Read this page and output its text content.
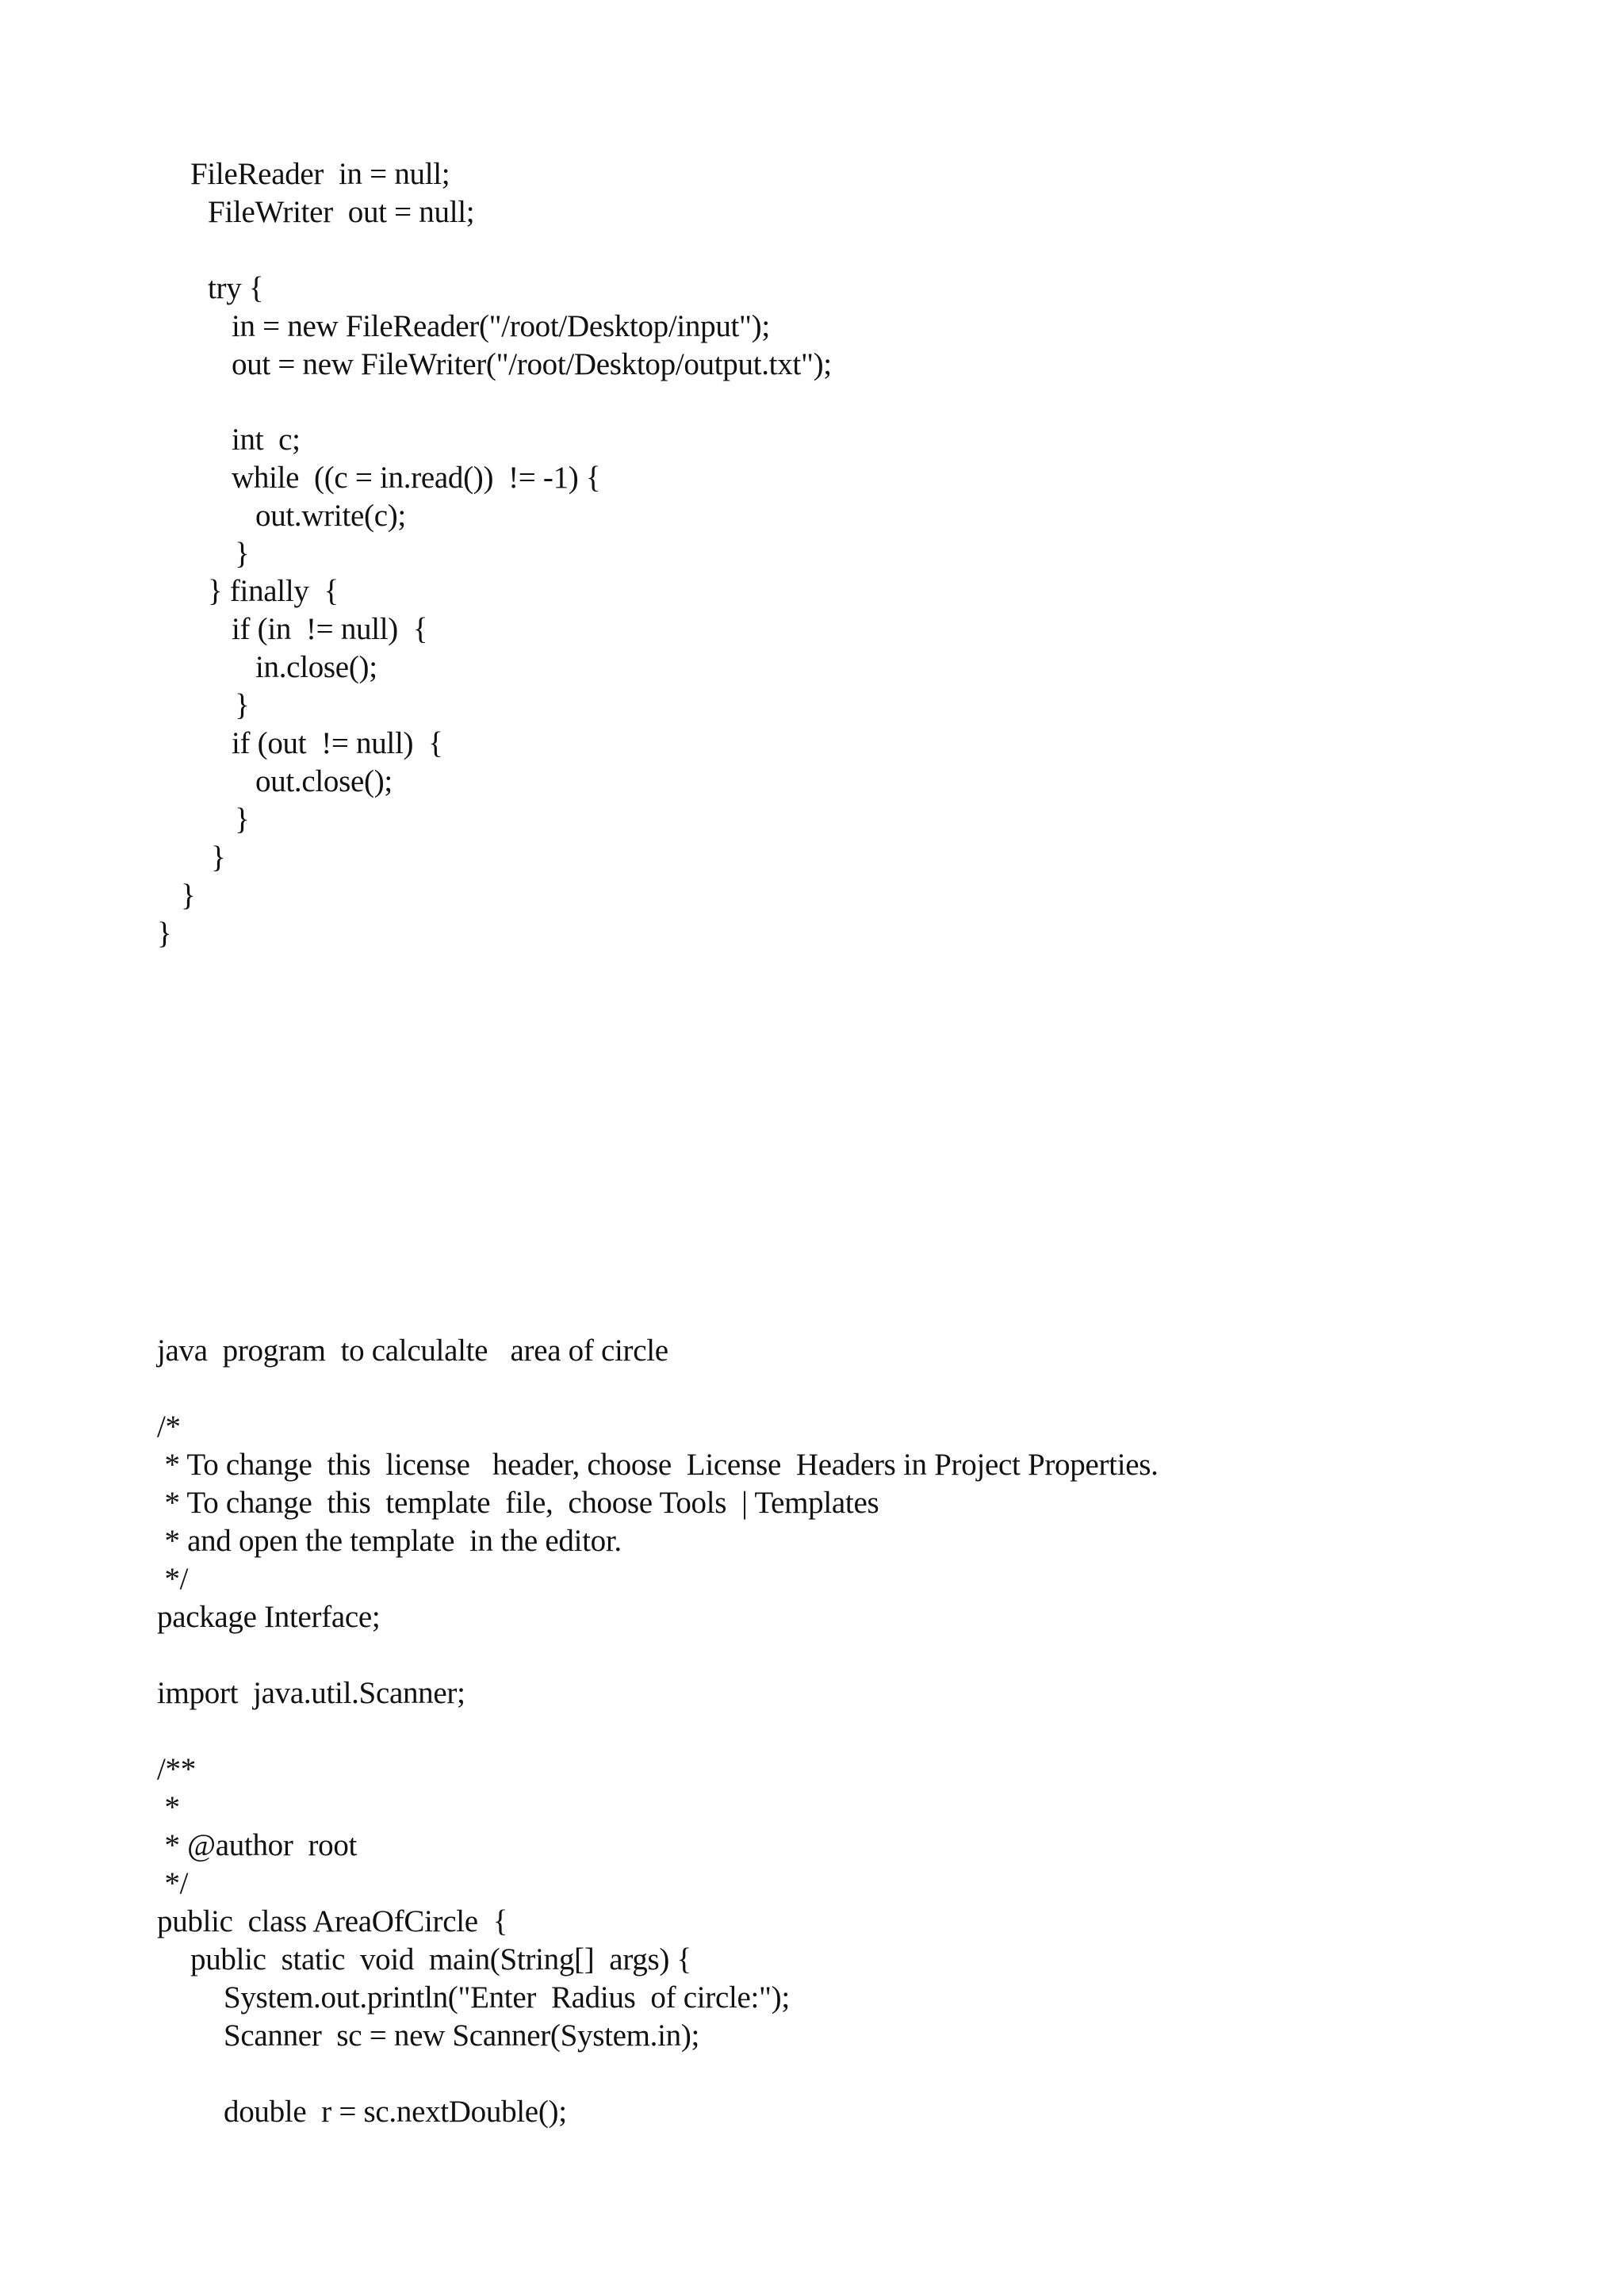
FileReader  in = null;
FileWriter  out = null;
try {
in = new FileReader("/root/Desktop/input");
out = new FileWriter("/root/Desktop/output.txt");
int  c;
while  ((c = in.read())  != -1) {
out.write(c);
}
} finally  {
if (in  != null)  {
in.close();
}
if (out  != null)  {
out.close();
}
}
}
}
java  program  to calculalte   area of circle
/*
* To change  this  license   header, choose  License  Headers in Project Properties.
* To change  this  template  file,  choose Tools  | Templates
* and open the template  in the editor.
*/
package Interface;
import  java.util.Scanner;
/**
*
* @author  root
*/
public  class AreaOfCircle  {
public  static  void  main(String[]  args) {
System.out.println("Enter  Radius  of circle:");
Scanner  sc = new Scanner(System.in);
double  r = sc.nextDouble();
